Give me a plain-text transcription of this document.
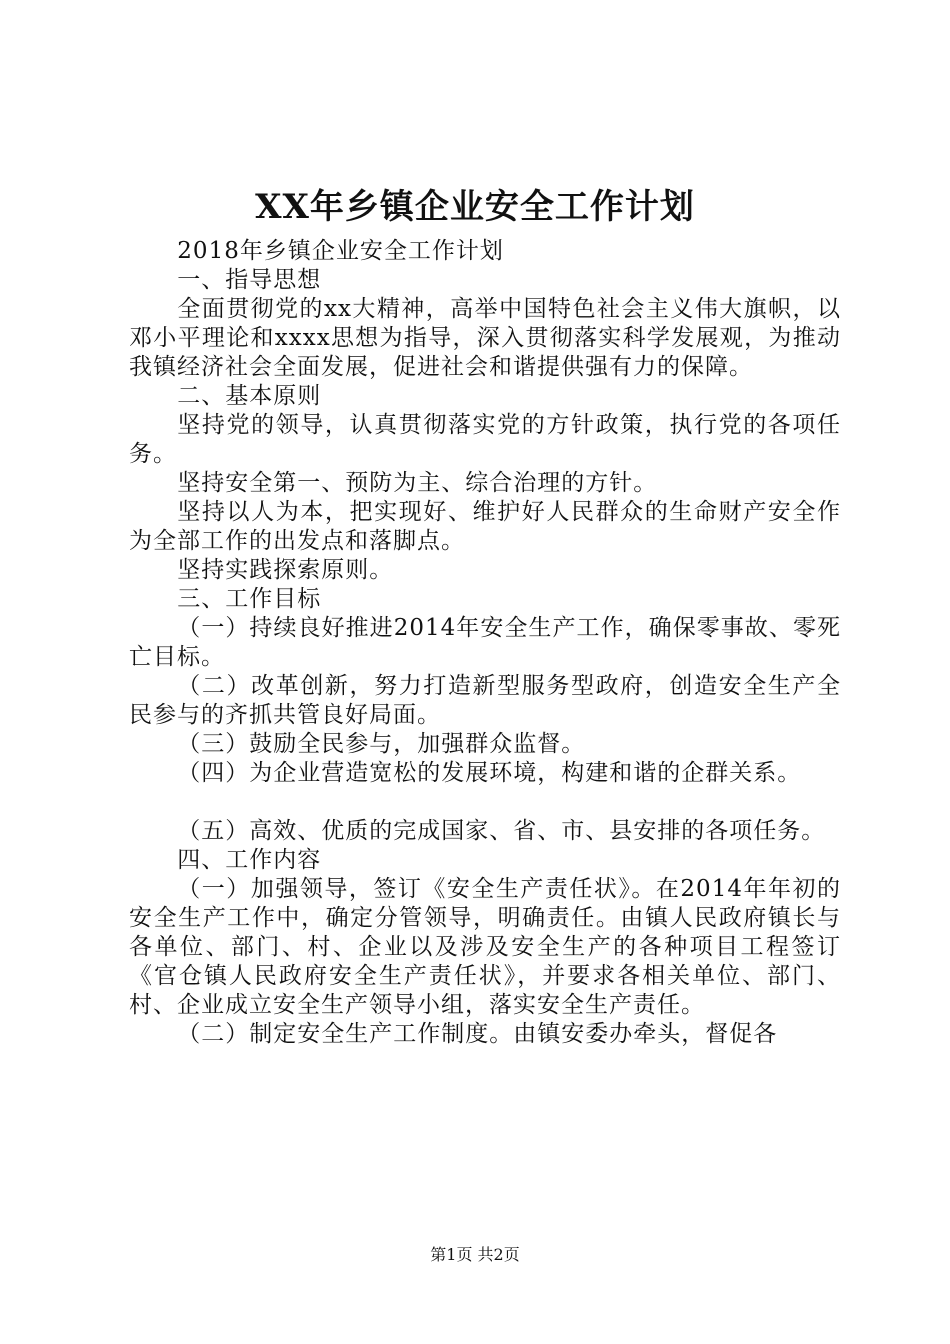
XX年乡镇企业安全工作计划

2018年乡镇企业安全工作计划

一、指导思想

全面贯彻党的xx大精神，高举中国特色社会主义伟大旗帜，以邓小平理论和xxxx思想为指导，深入贯彻落实科学发展观，为推动我镇经济社会全面发展，促进社会和谐提供强有力的保障。

二、基本原则

坚持党的领导，认真贯彻落实党的方针政策，执行党的各项任务。

坚持安全第一、预防为主、综合治理的方针。

坚持以人为本，把实现好、维护好人民群众的生命财产安全作为全部工作的出发点和落脚点。

坚持实践探索原则。

三、工作目标

（一）持续良好推进2014年安全生产工作，确保零事故、零死亡目标。

（二）改革创新，努力打造新型服务型政府，创造安全生产全民参与的齐抓共管良好局面。

（三）鼓励全民参与，加强群众监督。

（四）为企业营造宽松的发展环境，构建和谐的企群关系。

（五）高效、优质的完成国家、省、市、县安排的各项任务。

四、工作内容

（一）加强领导，签订《安全生产责任状》。在2014年年初的安全生产工作中，确定分管领导，明确责任。由镇人民政府镇长与各单位、部门、村、企业以及涉及安全生产的各种项目工程签订《官仓镇人民政府安全生产责任状》，并要求各相关单位、部门、村、企业成立安全生产领导小组，落实安全生产责任。

（二）制定安全生产工作制度。由镇安委办牵头，督促各

第1页 共2页
